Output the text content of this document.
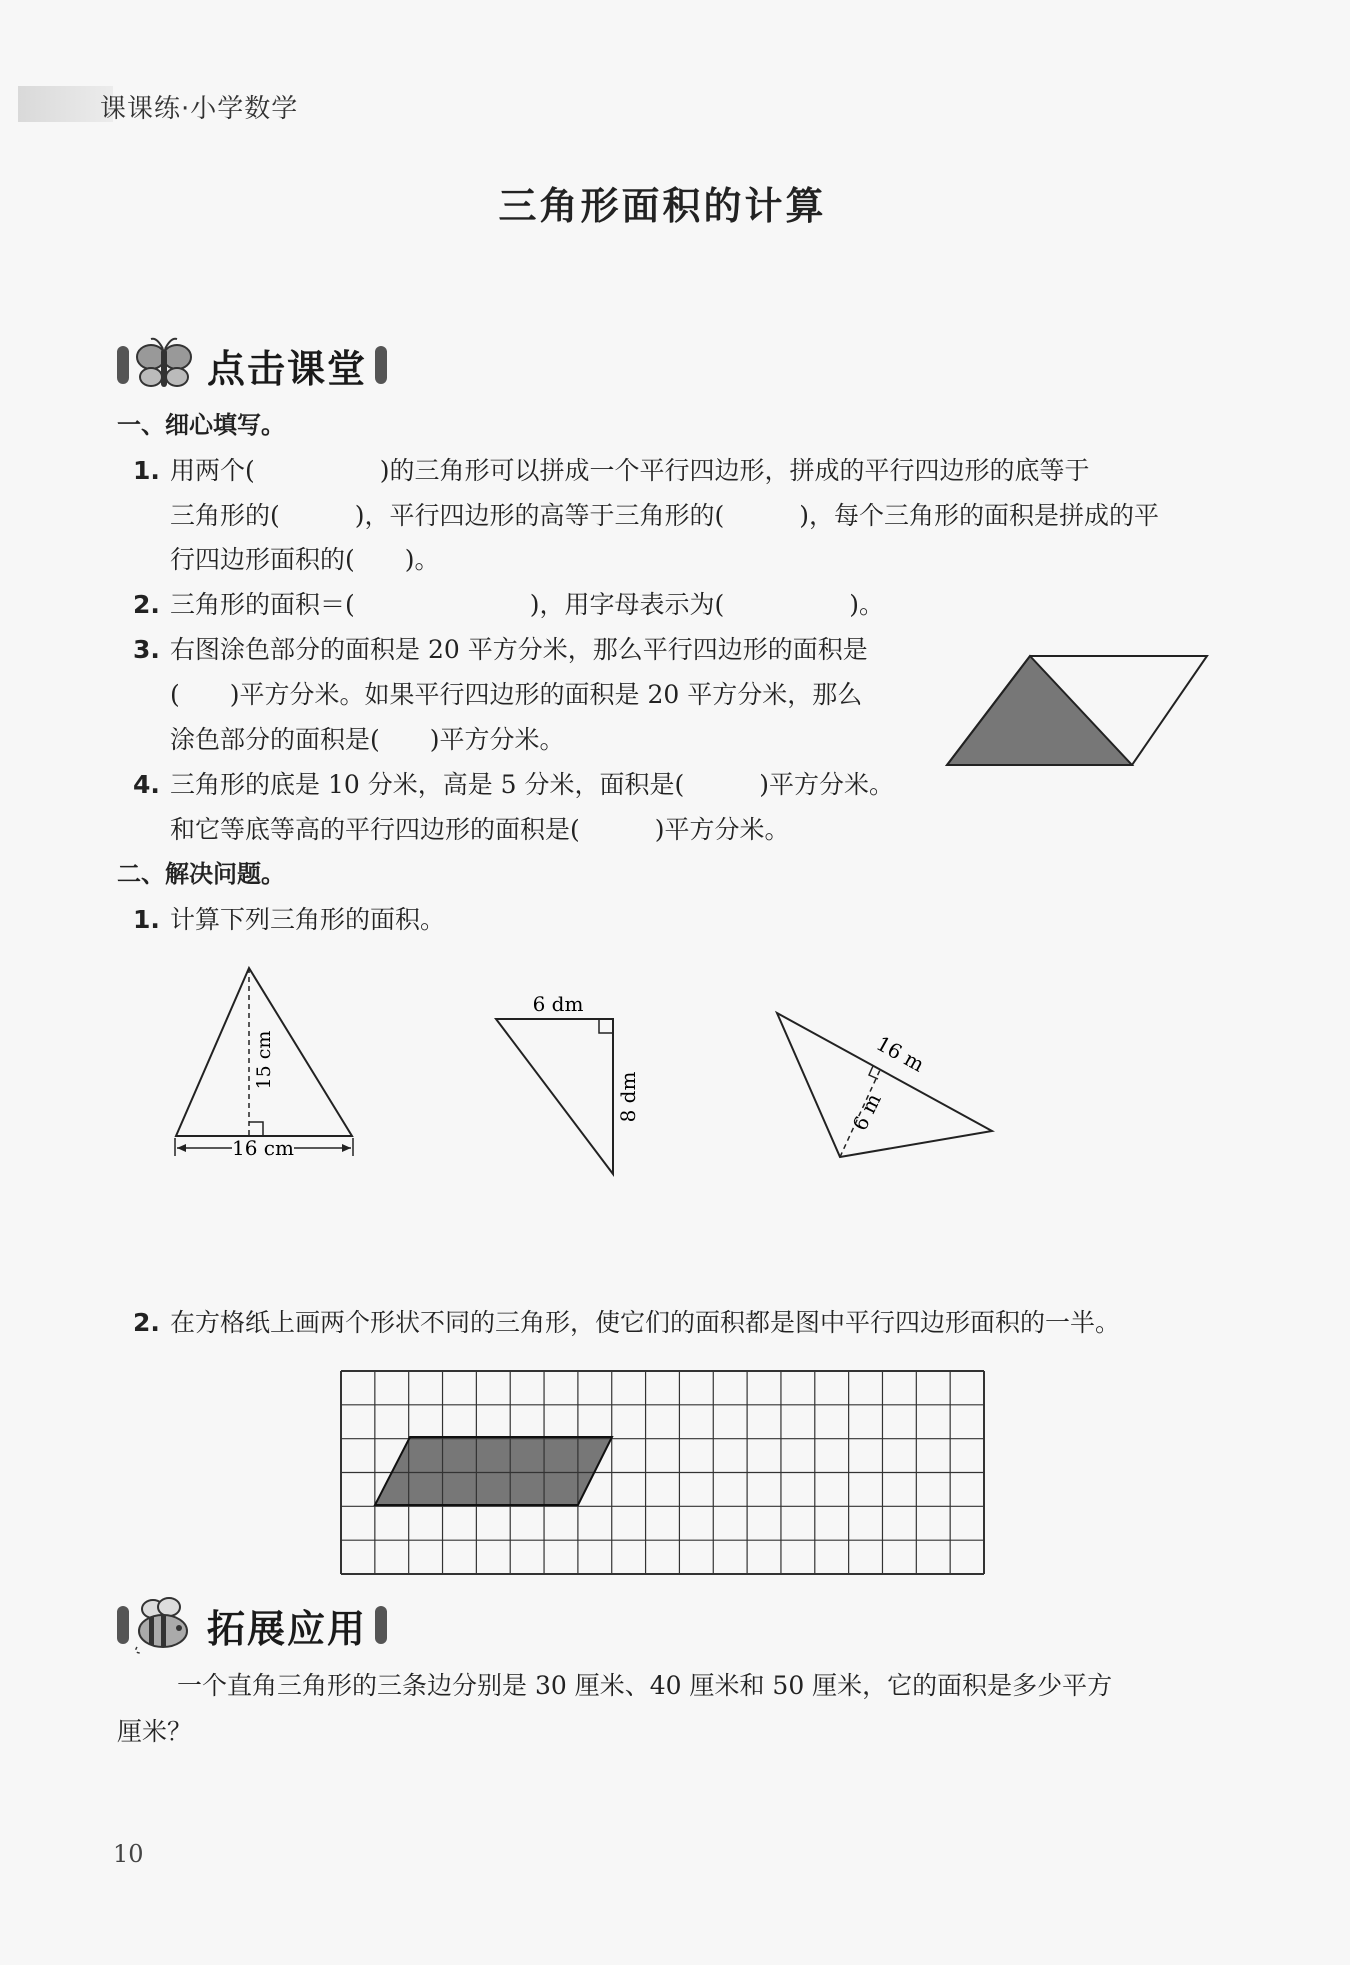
课课练·小学数学
三角形面积的计算
点击课堂
一、细心填写。
1. 用两个(　　　　　)的三角形可以拼成一个平行四边形，拼成的平行四边形的底等于
三角形的(　　　)，平行四边形的高等于三角形的(　　　)，每个三角形的面积是拼成的平
行四边形面积的(　　)。
2. 三角形的面积＝(　　　　　　　)，用字母表示为(　　　　　)。
3. 右图涂色部分的面积是 20 平方分米，那么平行四边形的面积是
(　　)平方分米。如果平行四边形的面积是 20 平方分米，那么
涂色部分的面积是(　　)平方分米。
4. 三角形的底是 10 分米，高是 5 分米，面积是(　　　)平方分米。
和它等底等高的平行四边形的面积是(　　　)平方分米。
二、解决问题。
1. 计算下列三角形的面积。
15 cm
16 cm
6 dm
8 dm
16 m
6 m
2. 在方格纸上画两个形状不同的三角形，使它们的面积都是图中平行四边形面积的一半。
拓展应用
一个直角三角形的三条边分别是 30 厘米、40 厘米和 50 厘米，它的面积是多少平方
厘米？
10
